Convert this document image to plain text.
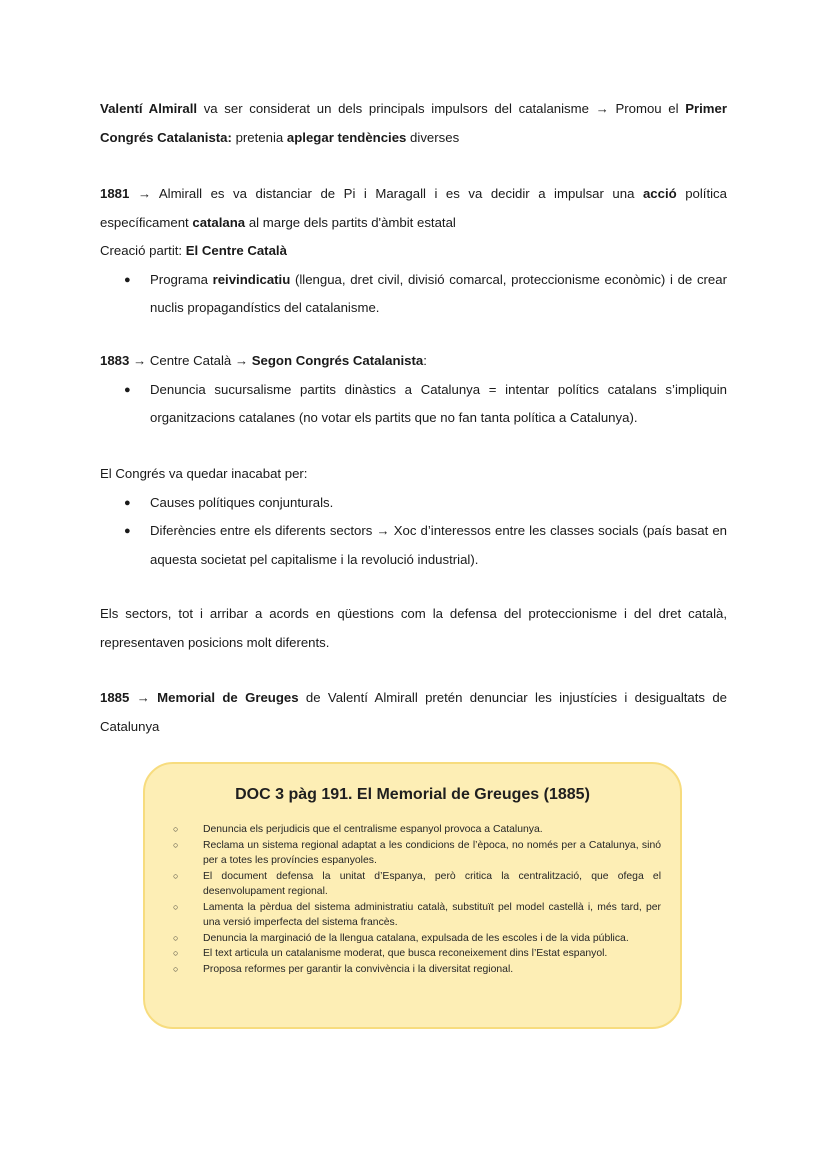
Valentí Almirall va ser considerat un dels principals impulsors del catalanisme → Promou el Primer Congrés Catalanista: pretenia aplegar tendències diverses

1881 → Almirall es va distanciar de Pi i Maragall i es va decidir a impulsar una acció política específicament catalana al marge dels partits d'àmbit estatal
Creació partit: El Centre Català
● Programa reivindicatiu (llengua, dret civil, divisió comarcal, proteccionisme econòmic) i de crear nuclis propagandístics del catalanisme.
1883 → Centre Català → Segon Congrés Catalanista:
● Denuncia sucursalisme partits dinàstics a Catalunya = intentar polítics catalans s’impliquin organitzacions catalanes (no votar els partits que no fan tanta política a Catalunya).
El Congrés va quedar inacabat per:
● Causes polítiques conjunturals.
● Diferències entre els diferents sectors → Xoc d’interessos entre les classes socials (país basat en aquesta societat pel capitalisme i la revolució industrial).

Els sectors, tot i arribar a acords en qüestions com la defensa del proteccionisme i del dret català, representaven posicions molt diferents.

1885 → Memorial de Greuges de Valentí Almirall pretén denunciar les injustícies i desigualtats de Catalunya

DOC 3 pàg 191. El Memorial de Greuges (1885)
○ Denuncia els perjudicis que el centralisme espanyol provoca a Catalunya.
○ Reclama un sistema regional adaptat a les condicions de l’època, no només per a Catalunya, sinó per a totes les províncies espanyoles.
○ El document defensa la unitat d’Espanya, però critica la centralització, que ofega el desenvolupament regional.
○ Lamenta la pèrdua del sistema administratiu català, substituït pel model castellà i, més tard, per una versió imperfecta del sistema francès.
○ Denuncia la marginació de la llengua catalana, expulsada de les escoles i de la vida pública.
○ El text articula un catalanisme moderat, que busca reconeixement dins l’Estat espanyol.
○ Proposa reformes per garantir la convivència i la diversitat regional.
